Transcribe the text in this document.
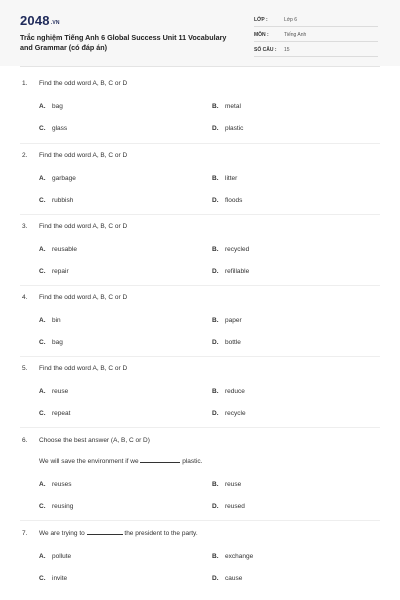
2048.VN
Trắc nghiệm Tiếng Anh 6 Global Success Unit 11 Vocabulary and Grammar (có đáp án)
LỚP :	Lớp 6
MÔN :	Tiếng Anh
SỐ CÂU : 15
1. Find the odd word A, B, C or D
A. bag	B. metal
C. glass	D. plastic
2. Find the odd word A, B, C or D
A. garbage	B. litter
C. rubbish	D. floods
3. Find the odd word A, B, C or D
A. reusable	B. recycled
C. repair	D. refillable
4. Find the odd word A, B, C or D
A. bin	B. paper
C. bag	D. bottle
5. Find the odd word A, B, C or D
A. reuse	B. reduce
C. repeat	D. recycle
6. Choose the best answer (A, B, C or D)
We will save the environment if we	plastic.
A. reuses	B. reuse
C. reusing	D. reused
7. We are trying to	the president to the party.
A. pollute	B. exchange
C. invite	D. cause
